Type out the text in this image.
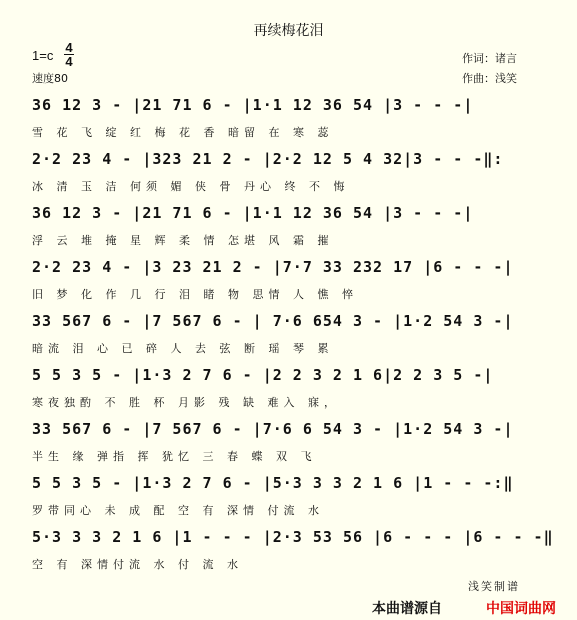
再续梅花泪
1=c
4
4
速度80
作词：诸言
作曲：浅笑
36 12 3 - |21 71 6 - |1·1 12 36 54 |3 - - -|
雪 花 飞 绽 红 梅 花 香 暗留 在 寒 蕊
2·2 23 4 - |323 21 2 - |2·2 12 5 4 32|3 - - -‖:
冰 清 玉 洁 何须 媚 侠 骨 丹心 终 不 悔
36 12 3 - |21 71 6 - |1·1 12 36 54 |3 - - -|
浮 云 堆 掩 星 辉 柔 情 怎堪 风 霜 摧
2·2 23 4 - |3 23 21 2 - |7·7 33 232 17 |6 - - -|
旧 梦 化 作 几 行 泪 睹 物 思情 人 憔 悴
33 567 6 - |7 567 6 - | 7·6 654 3 - |1·2 54 3 -|
暗流 泪 心 已 碎 人 去 弦 断 瑶 琴 累
5 5 3 5 - |1·3 2 7 6 - |2 2 3 2 1 6|2 2 3 5 -|
寒夜独酌 不 胜 杯 月影 残 缺 难入 寐，
33 567 6 - |7 567 6 - |7·6 6 54 3 - |1·2 54 3 -|
半生 缘 弹指 挥 犹忆 三 春 蝶 双 飞
5 5 3 5 - |1·3 2 7 6 - |5·3 3 3 2 1 6 |1 - - -:‖
罗带同心 未 成 配 空 有 深情 付流 水
5·3 3 3 2 1 6 |1 - - - |2·3 53 56 |6 - - - |6 - - -‖
空 有 深情付流 水 付 流 水
浅笑制谱
本曲谱源自	中国词曲网
